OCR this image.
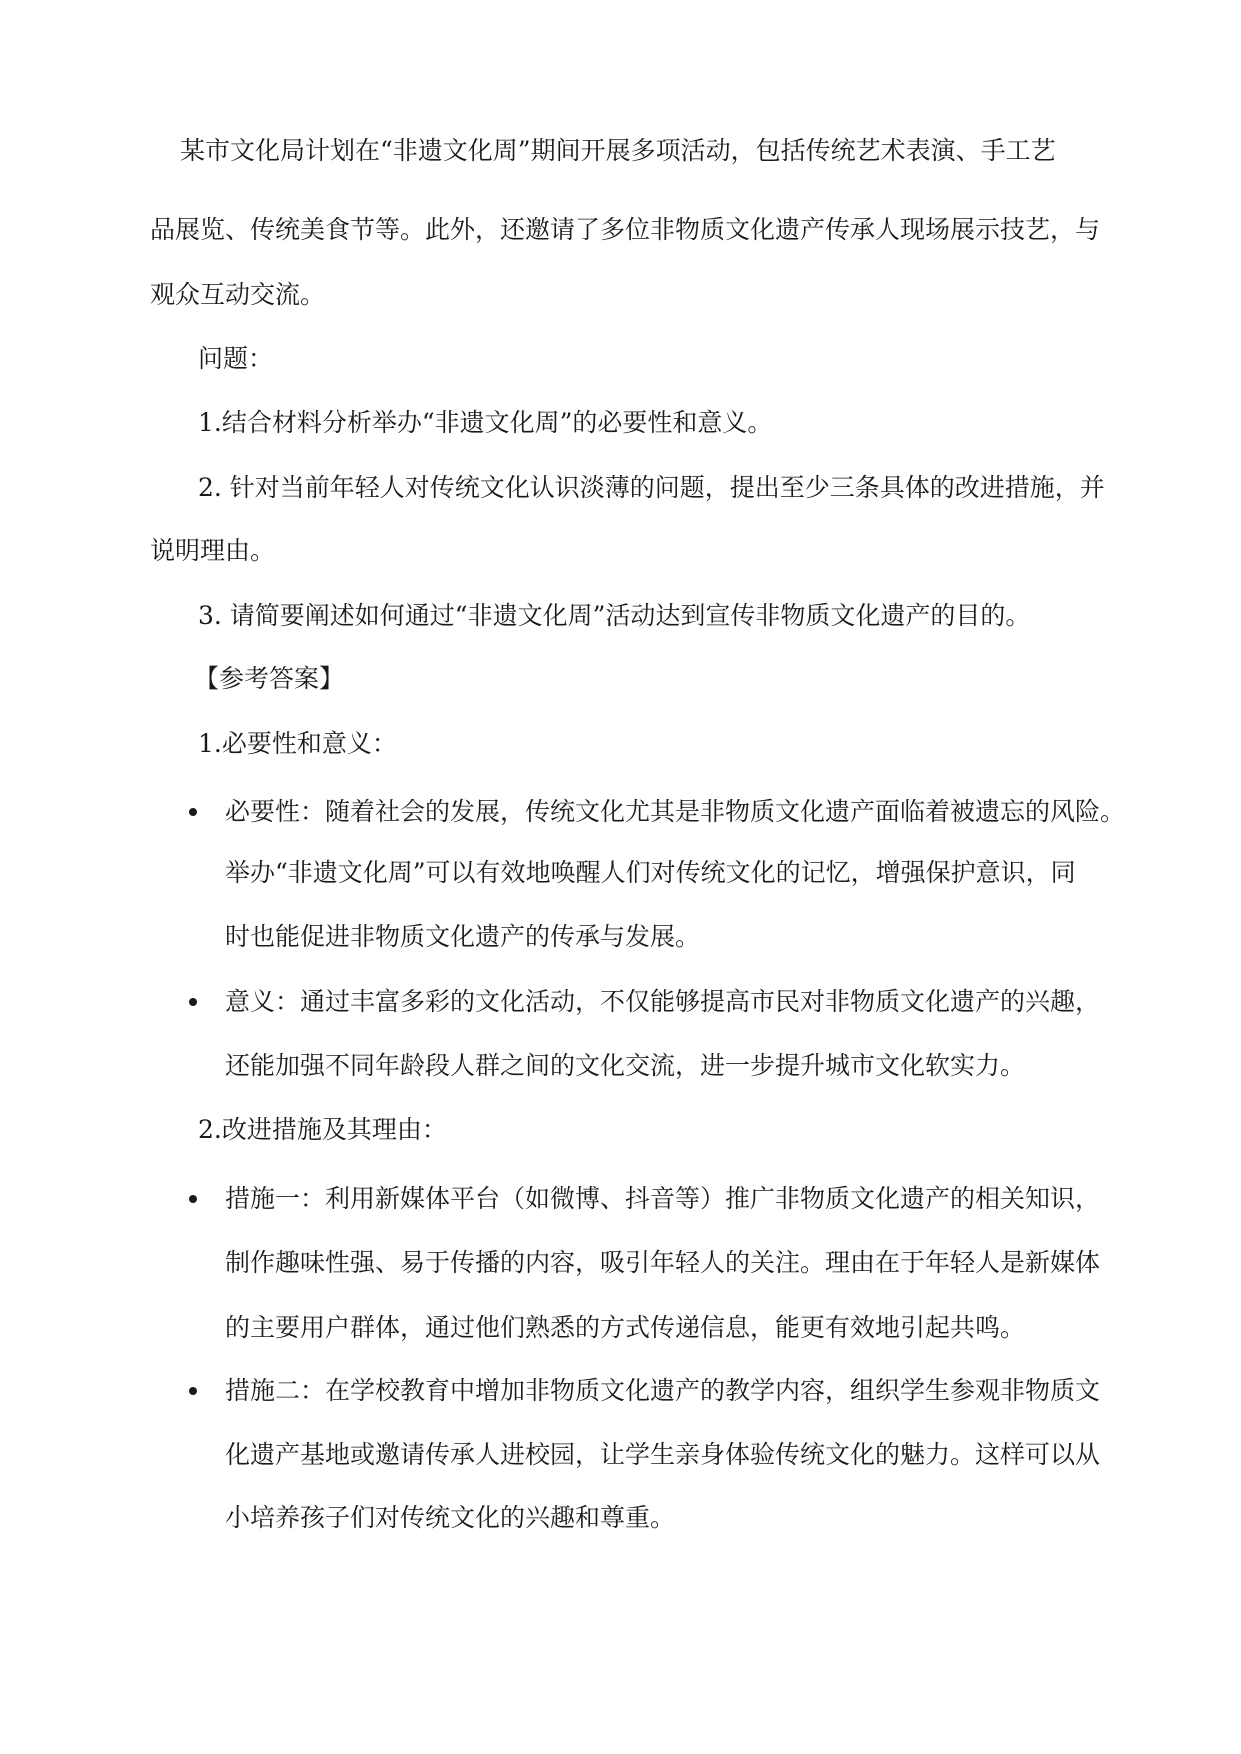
某市文化局计划在“非遗文化周”期间开展多项活动，包括传统艺术表演、手工艺
品展览、传统美食节等。此外，还邀请了多位非物质文化遗产传承人现场展示技艺，与
观众互动交流。
问题：
1.结合材料分析举办“非遗文化周”的必要性和意义。
2. 针对当前年轻人对传统文化认识淡薄的问题，提出至少三条具体的改进措施，并
说明理由。
3. 请简要阐述如何通过“非遗文化周”活动达到宣传非物质文化遗产的目的。
【参考答案】
1.必要性和意义：
必要性：随着社会的发展，传统文化尤其是非物质文化遗产面临着被遗忘的风险。
举办“非遗文化周”可以有效地唤醒人们对传统文化的记忆，增强保护意识，同
时也能促进非物质文化遗产的传承与发展。
意义：通过丰富多彩的文化活动，不仅能够提高市民对非物质文化遗产的兴趣，
还能加强不同年龄段人群之间的文化交流，进一步提升城市文化软实力。
2.改进措施及其理由：
措施一：利用新媒体平台（如微博、抖音等）推广非物质文化遗产的相关知识，
制作趣味性强、易于传播的内容，吸引年轻人的关注。理由在于年轻人是新媒体
的主要用户群体，通过他们熟悉的方式传递信息，能更有效地引起共鸣。
措施二：在学校教育中增加非物质文化遗产的教学内容，组织学生参观非物质文
化遗产基地或邀请传承人进校园，让学生亲身体验传统文化的魅力。这样可以从
小培养孩子们对传统文化的兴趣和尊重。
